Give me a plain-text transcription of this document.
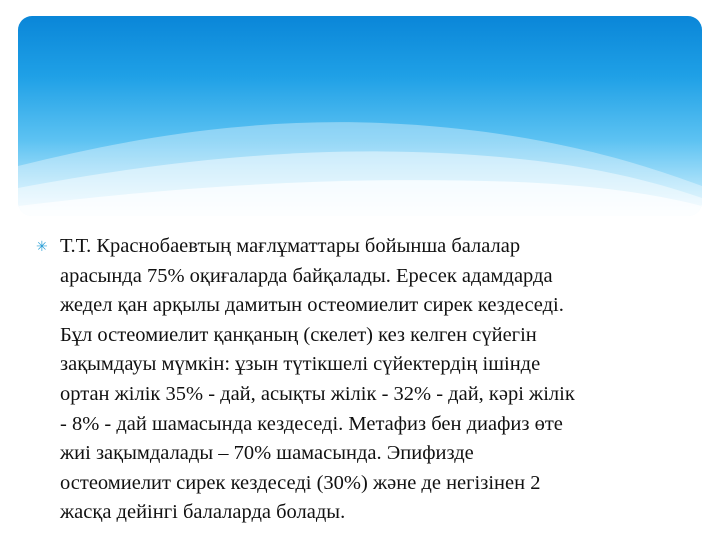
✳ Т.Т. Краснобаевтың мағлұматтары бойынша балалар
арасында 75% оқиғаларда байқалады. Ересек адамдарда
жедел қан арқылы дамитын остеомиелит сирек кездеседі.
Бұл остеомиелит қанқаның (скелет) кез келген сүйегін
зақымдауы мүмкін: ұзын түтікшелі сүйектердің ішінде
ортан жілік 35% - дай, асықты жілік - 32% - дай, кәрі жілік
- 8% - дай шамасында кездеседі. Метафиз бен диафиз өте
жиі зақымдалады – 70% шамасында. Эпифизде
остеомиелит сирек кездеседі (30%) және де негізінен 2
жасқа дейінгі балаларда болады.
